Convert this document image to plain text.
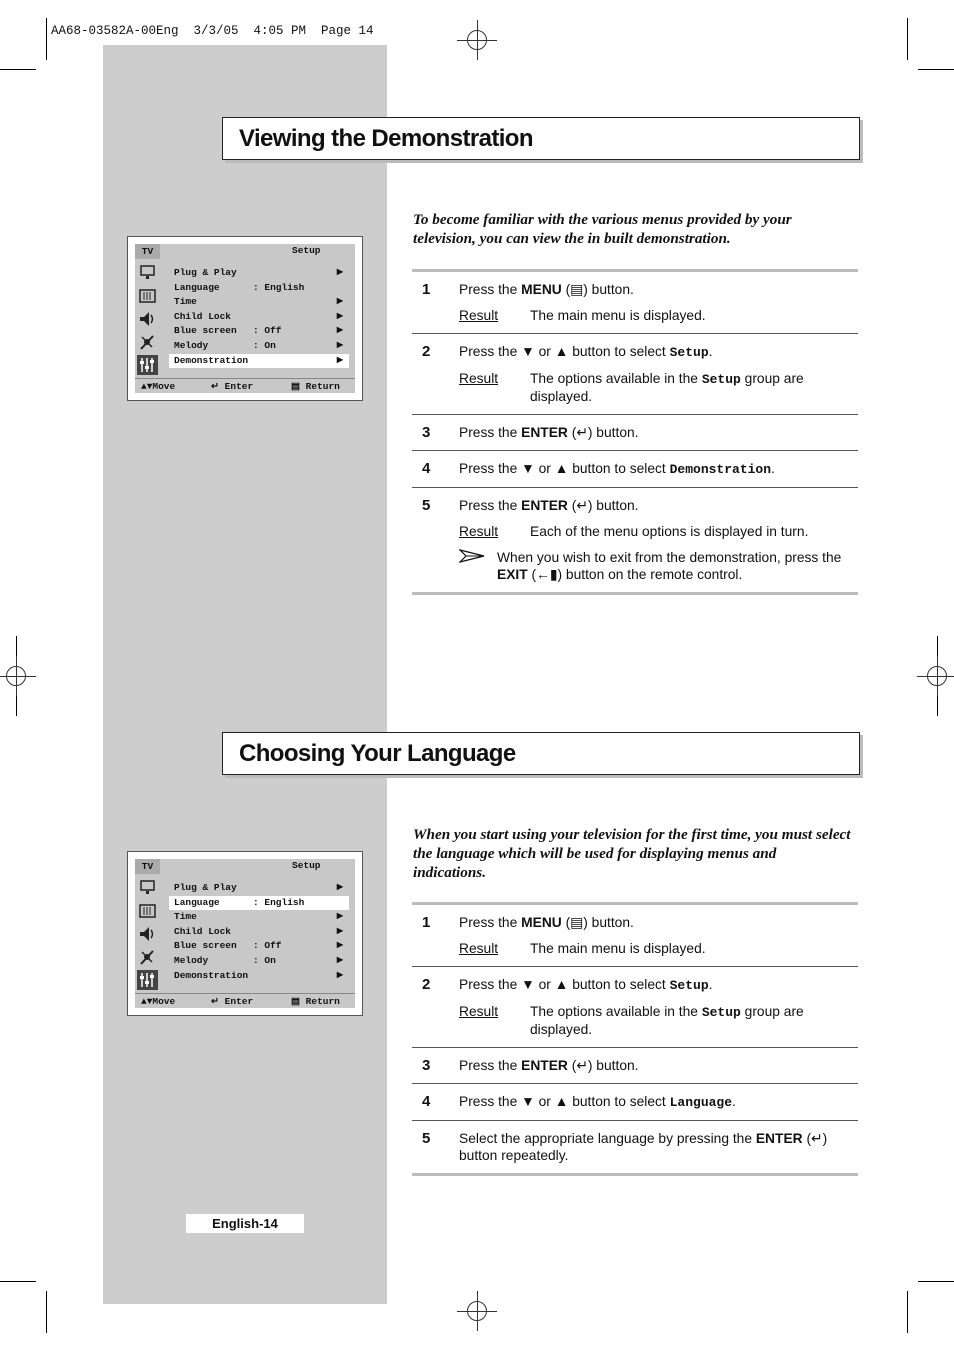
AA68-03582A-00Eng  3/3/05  4:05 PM  Page 14
Viewing the Demonstration

To become familiar with the various menus provided by your television, you can view the in built demonstration.

TV	Setup
Plug & Play	▶
Language	: English
Time	▶
Child Lock	▶
Blue screen : Off	▶
Melody	: On	▶
Demonstration	▶
▲▼Move	↵ Enter	▤ Return
1 Press the MENU (▤) button.
Result	The main menu is displayed.
2 Press the ▼ or ▲ button to select Setup.
Result	The options available in the Setup group are displayed.
3 Press the ENTER (↵) button.
4 Press the ▼ or ▲ button to select Demonstration.
5 Press the ENTER (↵) button.
Result	Each of the menu options is displayed in turn.
When you wish to exit from the demonstration, press the EXIT (←▮) button on the remote control.
Choosing Your Language

When you start using your television for the first time, you must select the language which will be used for displaying menus and indications.

TV	Setup
Plug & Play	▶
Language	: English
Time	▶
Child Lock	▶
Blue screen : Off	▶
Melody	: On	▶
Demonstration	▶
▲▼Move	↵ Enter	▤ Return
1 Press the MENU (▤) button.
Result	The main menu is displayed.
2 Press the ▼ or ▲ button to select Setup.
Result	The options available in the Setup group are displayed.
3 Press the ENTER (↵) button.
4 Press the ▼ or ▲ button to select Language.
5 Select the appropriate language by pressing the ENTER (↵) button repeatedly.
English-14
